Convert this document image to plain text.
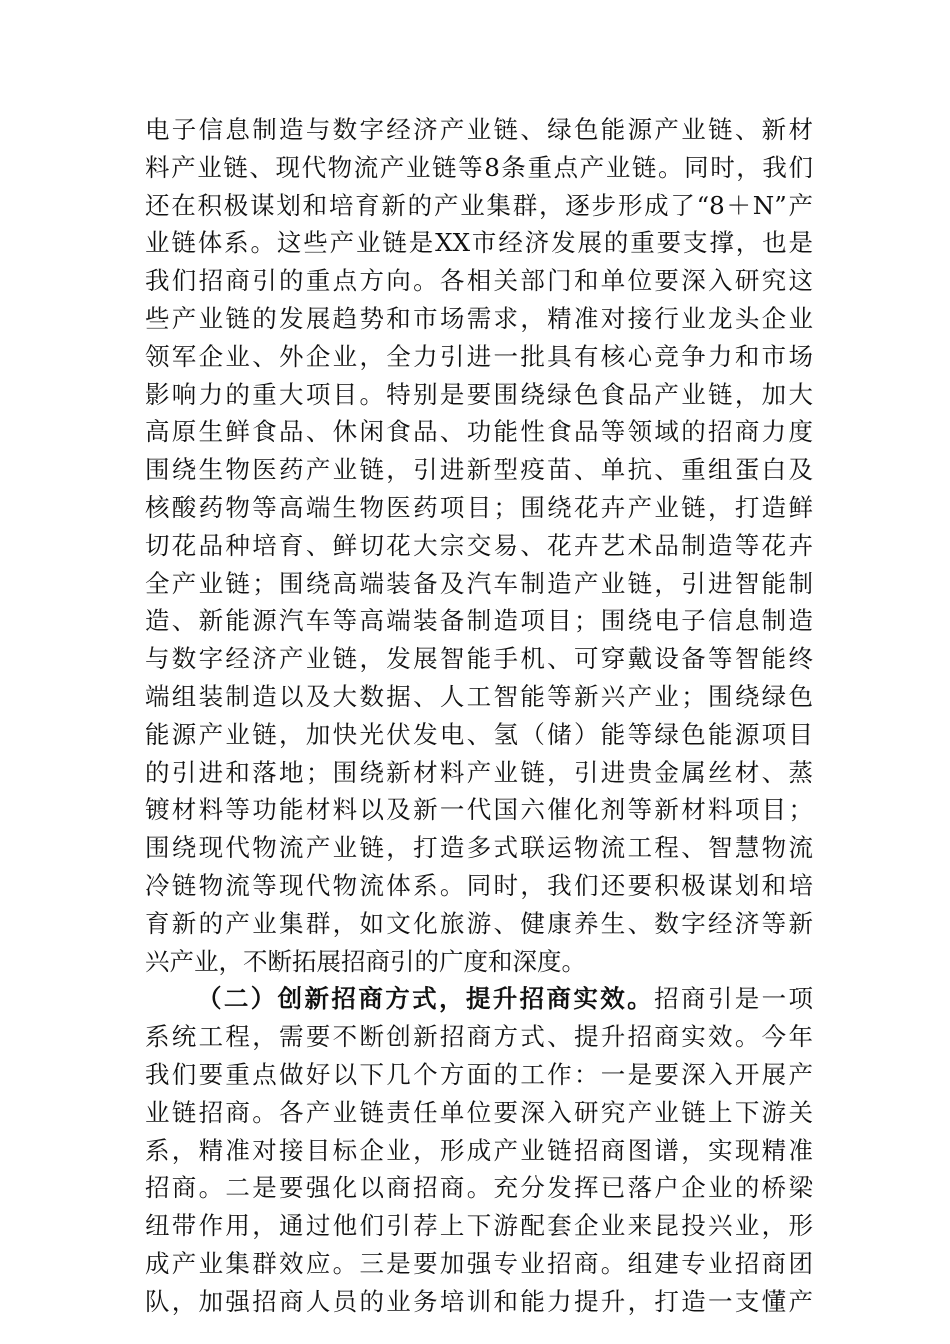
电子信息制造与数字经济产业链、绿色能源产业链、新材
料产业链、现代物流产业链等8条重点产业链。同时，我们
还在积极谋划和培育新的产业集群，逐步形成了“8＋N”产
业链体系。这些产业链是XX市经济发展的重要支撑，也是
我们招商引的重点方向。各相关部门和单位要深入研究这
些产业链的发展趋势和市场需求，精准对接行业龙头企业
领军企业、外企业，全力引进一批具有核心竞争力和市场
影响力的重大项目。特别是要围绕绿色食品产业链，加大
高原生鲜食品、休闲食品、功能性食品等领域的招商力度
围绕生物医药产业链，引进新型疫苗、单抗、重组蛋白及
核酸药物等高端生物医药项目；围绕花卉产业链，打造鲜
切花品种培育、鲜切花大宗交易、花卉艺术品制造等花卉
全产业链；围绕高端装备及汽车制造产业链，引进智能制
造、新能源汽车等高端装备制造项目；围绕电子信息制造
与数字经济产业链，发展智能手机、可穿戴设备等智能终
端组装制造以及大数据、人工智能等新兴产业；围绕绿色
能源产业链，加快光伏发电、氢（储）能等绿色能源项目
的引进和落地；围绕新材料产业链，引进贵金属丝材、蒸
镀材料等功能材料以及新一代国六催化剂等新材料项目；
围绕现代物流产业链，打造多式联运物流工程、智慧物流
冷链物流等现代物流体系。同时，我们还要积极谋划和培
育新的产业集群，如文化旅游、健康养生、数字经济等新
兴产业，不断拓展招商引的广度和深度。
（二）创新招商方式，提升招商实效。招商引是一项
系统工程，需要不断创新招商方式、提升招商实效。今年
我们要重点做好以下几个方面的工作：一是要深入开展产
业链招商。各产业链责任单位要深入研究产业链上下游关
系，精准对接目标企业，形成产业链招商图谱，实现精准
招商。二是要强化以商招商。充分发挥已落户企业的桥梁
纽带作用，通过他们引荐上下游配套企业来昆投兴业，形
成产业集群效应。三是要加强专业招商。组建专业招商团
队，加强招商人员的业务培训和能力提升，打造一支懂产
